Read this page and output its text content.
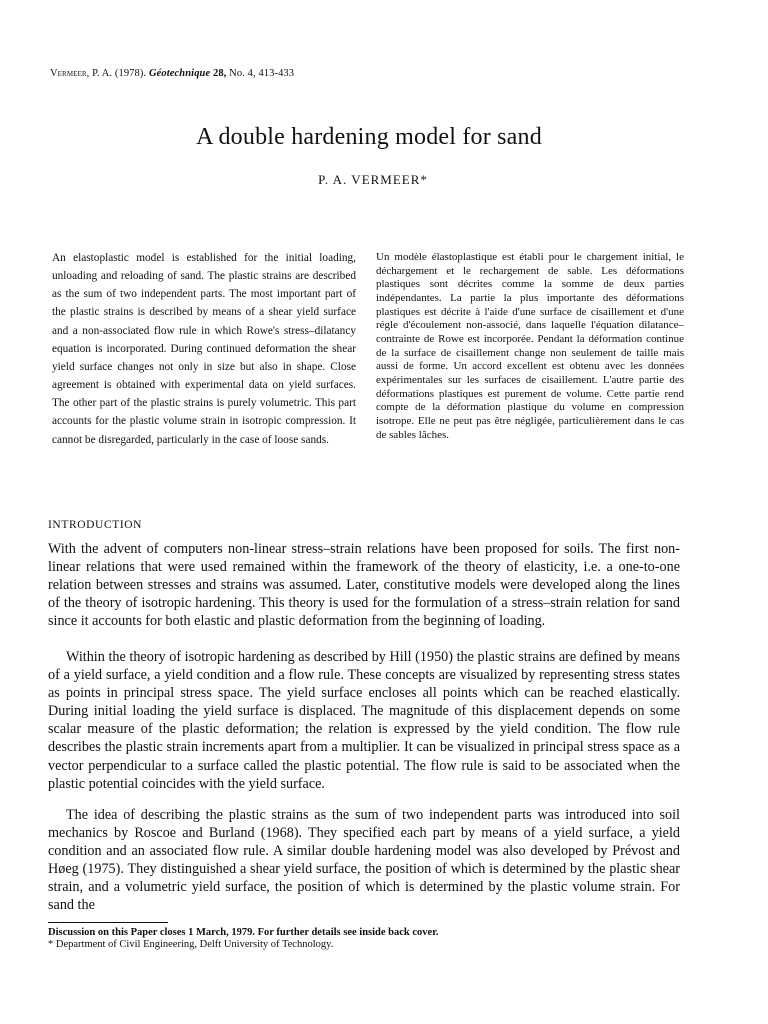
Vermeer, P. A. (1978). Géotechnique 28, No. 4, 413-433
A double hardening model for sand
P. A. VERMEER*
An elastoplastic model is established for the initial loading, unloading and reloading of sand. The plastic strains are described as the sum of two independent parts. The most important part of the plastic strains is described by means of a shear yield surface and a non-associated flow rule in which Rowe's stress–dilatancy equation is incorporated. During continued deformation the shear yield surface changes not only in size but also in shape. Close agreement is obtained with experimental data on yield surfaces. The other part of the plastic strains is purely volumetric. This part accounts for the plastic volume strain in isotropic compression. It cannot be disregarded, particularly in the case of loose sands.
Un modèle élastoplastique est établi pour le chargement initial, le déchargement et le rechargement de sable. Les déformations plastiques sont décrites comme la somme de deux parties indépendantes. La partie la plus importante des déformations plastiques est décrite à l'aide d'une surface de cisaillement et d'une régle d'écoulement non-associé, dans laquelle l'équation dilatance–contrainte de Rowe est incorporée. Pendant la déformation continue de la surface de cisaillement change non seulement de taille mais aussi de forme. Un accord excellent est obtenu avec les données expérimentales sur les surfaces de cisaillement. L'autre partie des déformations plastiques est purement de volume. Cette partie rend compte de la déformation plastique du volume en compression isotrope. Elle ne peut pas être négligée, particulièrement dans le cas de sables lâches.
INTRODUCTION
With the advent of computers non-linear stress–strain relations have been proposed for soils. The first non-linear relations that were used remained within the framework of the theory of elasticity, i.e. a one-to-one relation between stresses and strains was assumed. Later, constitutive models were developed along the lines of the theory of isotropic hardening. This theory is used for the formulation of a stress–strain relation for sand since it accounts for both elastic and plastic deformation from the beginning of loading.
Within the theory of isotropic hardening as described by Hill (1950) the plastic strains are defined by means of a yield surface, a yield condition and a flow rule. These concepts are visualized by representing stress states as points in principal stress space. The yield surface encloses all points which can be reached elastically. During initial loading the yield surface is displaced. The magnitude of this displacement depends on some scalar measure of the plastic deformation; the relation is expressed by the yield condition. The flow rule describes the plastic strain increments apart from a multiplier. It can be visualized in principal stress space as a vector perpendicular to a surface called the plastic potential. The flow rule is said to be associated when the plastic potential coincides with the yield surface.
The idea of describing the plastic strains as the sum of two independent parts was introduced into soil mechanics by Roscoe and Burland (1968). They specified each part by means of a yield surface, a yield condition and an associated flow rule. A similar double hardening model was also developed by Prévost and Høeg (1975). They distinguished a shear yield surface, the position of which is determined by the plastic shear strain, and a volumetric yield surface, the position of which is determined by the plastic volume strain. For sand the
Discussion on this Paper closes 1 March, 1979. For further details see inside back cover.
* Department of Civil Engineering, Delft University of Technology.
